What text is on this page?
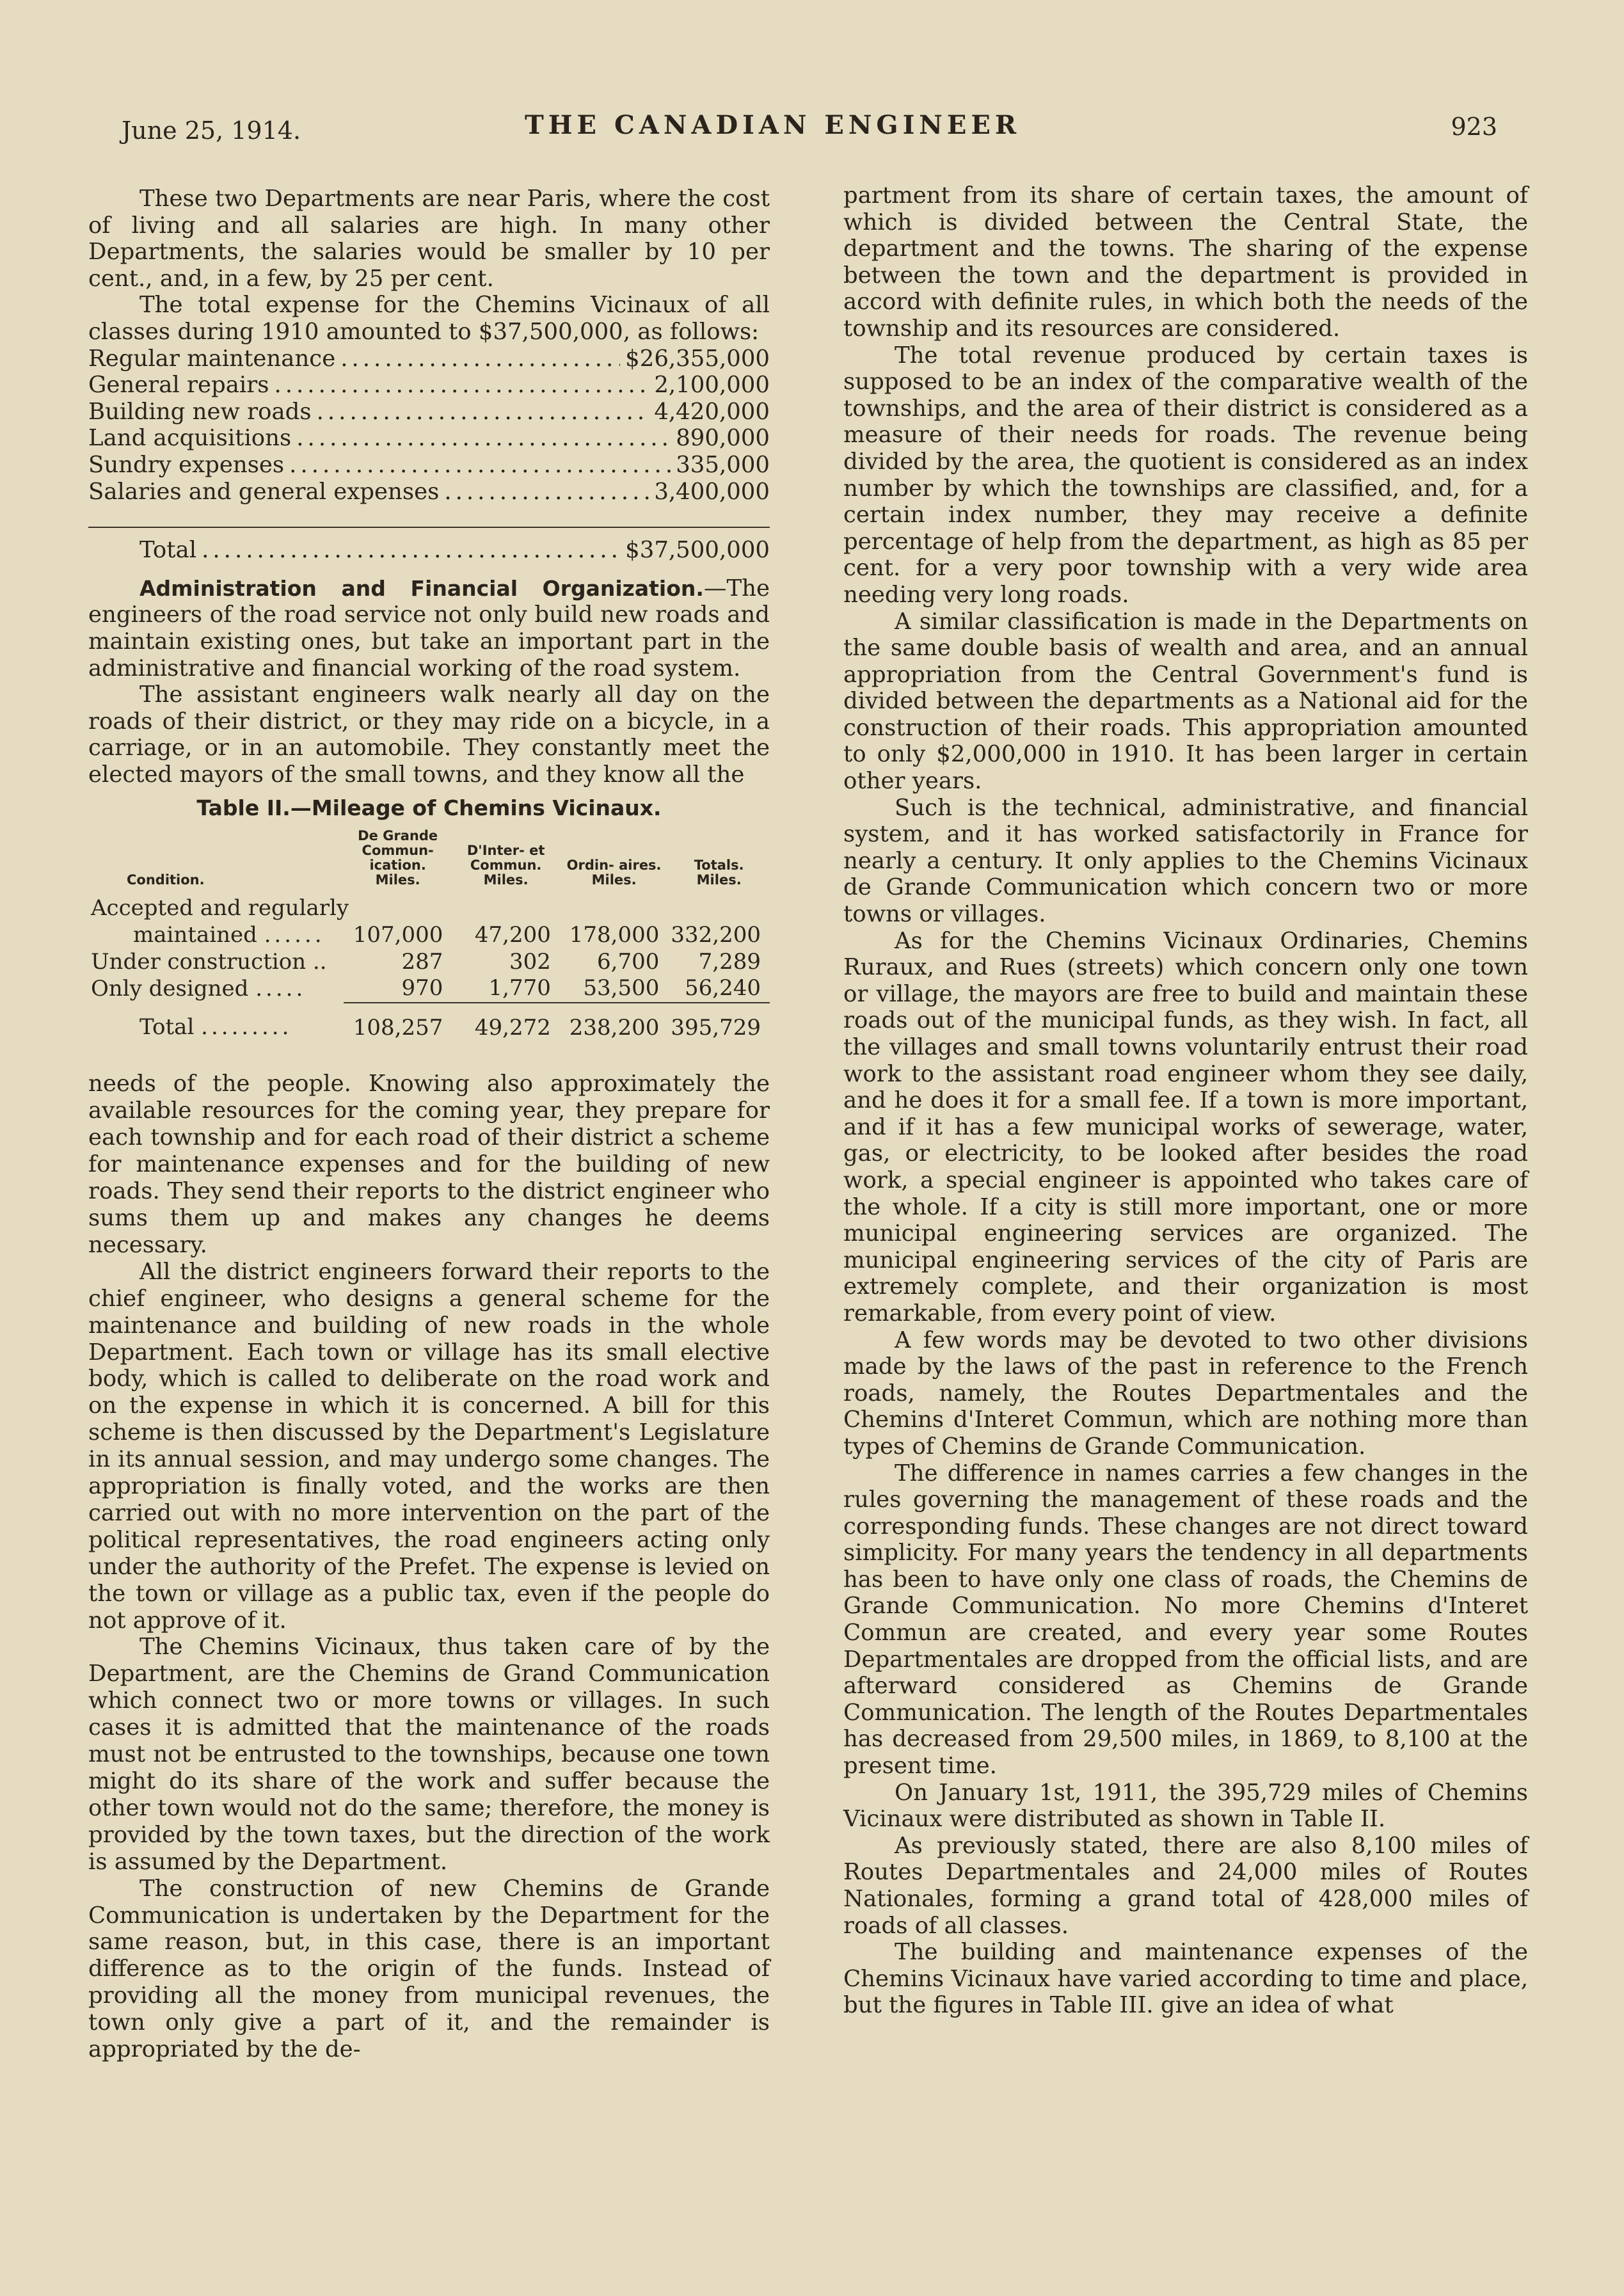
June 25, 1914.	THE CANADIAN ENGINEER	923

These two Departments are near Paris, where the cost of living and all salaries are high. In many other Departments, the salaries would be smaller by 10 per cent., and, in a few, by 25 per cent.

The total expense for the Chemins Vicinaux of all classes during 1910 amounted to $37,500,000, as follows:

Regular maintenance .....	$26,355,000
General repairs .....	2,100,000
Building new roads .....	4,420,000
Land acquisitions .....	890,000
Sundry expenses .....	335,000
Salaries and general expenses .....	3,400,000
Total .....	$37,500,000

Administration and Financial Organization.—The engineers of the road service not only build new roads and maintain existing ones, but take an important part in the administrative and financial working of the road system.

The assistant engineers walk nearly all day on the roads of their district, or they may ride on a bicycle, in a carriage, or in an automobile. They constantly meet the elected mayors of the small towns, and they know all the

Table II.—Mileage of Chemins Vicinaux.
Condition.	De Grande Commun- ication. Miles.	D'Inter- et Commun. Miles.	Ordin- aires. Miles.	Totals. Miles.
Accepted and regularly				
maintained ......	107,000	47,200	178,000	332,200
Under construction ..	287	302	6,700	7,289
Only designed .....	970	1,770	53,500	56,240
Total .........	108,257	49,272	238,200	395,729

needs of the people. Knowing also approximately the available resources for the coming year, they prepare for each township and for each road of their district a scheme for maintenance expenses and for the building of new roads. They send their reports to the district engineer who sums them up and makes any changes he deems necessary.

All the district engineers forward their reports to the chief engineer, who designs a general scheme for the maintenance and building of new roads in the whole Department. Each town or village has its small elective body, which is called to deliberate on the road work and on the expense in which it is concerned. A bill for this scheme is then discussed by the Department's Legislature in its annual session, and may undergo some changes. The appropriation is finally voted, and the works are then carried out with no more intervention on the part of the political representatives, the road engineers acting only under the authority of the Prefet. The expense is levied on the town or village as a public tax, even if the people do not approve of it.

The Chemins Vicinaux, thus taken care of by the Department, are the Chemins de Grand Communication which connect two or more towns or villages. In such cases it is admitted that the maintenance of the roads must not be entrusted to the townships, because one town might do its share of the work and suffer because the other town would not do the same; therefore, the money is provided by the town taxes, but the direction of the work is assumed by the Department.

The construction of new Chemins de Grande Communication is undertaken by the Department for the same reason, but, in this case, there is an important difference as to the origin of the funds. Instead of providing all the money from municipal revenues, the town only give a part of it, and the remainder is appropriated by the de-

partment from its share of certain taxes, the amount of which is divided between the Central State, the department and the towns. The sharing of the expense between the town and the department is provided in accord with definite rules, in which both the needs of the township and its resources are considered.

The total revenue produced by certain taxes is supposed to be an index of the comparative wealth of the townships, and the area of their district is considered as a measure of their needs for roads. The revenue being divided by the area, the quotient is considered as an index number by which the townships are classified, and, for a certain index number, they may receive a definite percentage of help from the department, as high as 85 per cent. for a very poor township with a very wide area needing very long roads.

A similar classification is made in the Departments on the same double basis of wealth and area, and an annual appropriation from the Central Government's fund is divided between the departments as a National aid for the construction of their roads. This appropriation amounted to only $2,000,000 in 1910. It has been larger in certain other years.

Such is the technical, administrative, and financial system, and it has worked satisfactorily in France for nearly a century. It only applies to the Chemins Vicinaux de Grande Communication which concern two or more towns or villages.

As for the Chemins Vicinaux Ordinaries, Chemins Ruraux, and Rues (streets) which concern only one town or village, the mayors are free to build and maintain these roads out of the municipal funds, as they wish. In fact, all the villages and small towns voluntarily entrust their road work to the assistant road engineer whom they see daily, and he does it for a small fee. If a town is more important, and if it has a few municipal works of sewerage, water, gas, or electricity, to be looked after besides the road work, a special engineer is appointed who takes care of the whole. If a city is still more important, one or more municipal engineering services are organized. The municipal engineering services of the city of Paris are extremely complete, and their organization is most remarkable, from every point of view.

A few words may be devoted to two other divisions made by the laws of the past in reference to the French roads, namely, the Routes Departmentales and the Chemins d'Interet Commun, which are nothing more than types of Chemins de Grande Communication.

The difference in names carries a few changes in the rules governing the management of these roads and the corresponding funds. These changes are not direct toward simplicity. For many years the tendency in all departments has been to have only one class of roads, the Chemins de Grande Communication. No more Chemins d'Interet Commun are created, and every year some Routes Departmentales are dropped from the official lists, and are afterward considered as Chemins de Grande Communication. The length of the Routes Departmentales has decreased from 29,500 miles, in 1869, to 8,100 at the present time.

On January 1st, 1911, the 395,729 miles of Chemins Vicinaux were distributed as shown in Table II.

As previously stated, there are also 8,100 miles of Routes Departmentales and 24,000 miles of Routes Nationales, forming a grand total of 428,000 miles of roads of all classes.

The building and maintenance expenses of the Chemins Vicinaux have varied according to time and place, but the figures in Table III. give an idea of what
